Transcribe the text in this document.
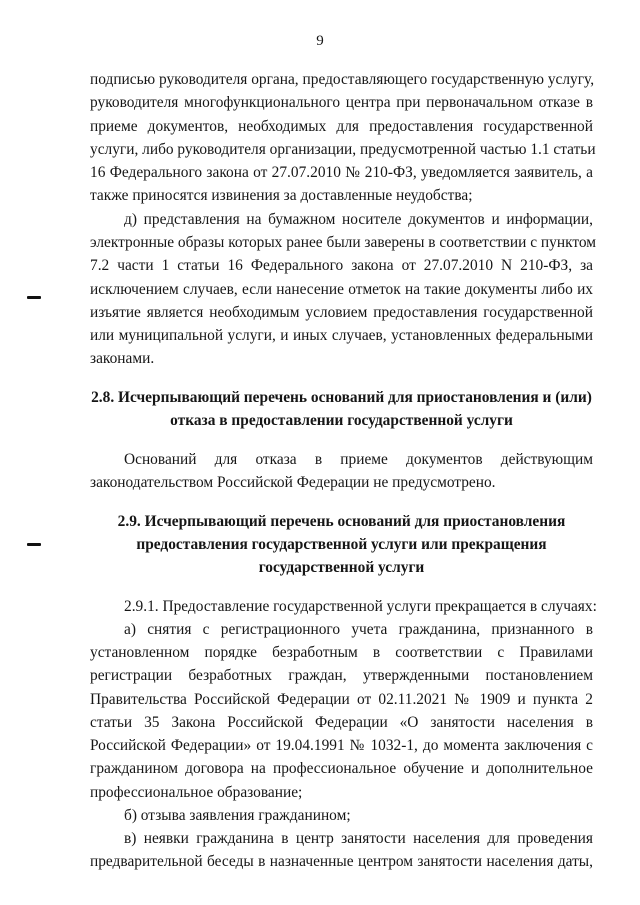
9
подписью руководителя органа, предоставляющего государственную услугу,
руководителя многофункционального центра при первоначальном отказе в
приеме документов, необходимых для предоставления государственной
услуги, либо руководителя организации, предусмотренной частью 1.1 статьи
16 Федерального закона от 27.07.2010 № 210-ФЗ, уведомляется заявитель, а
также приносятся извинения за доставленные неудобства;
д) представления на бумажном носителе документов и информации,
электронные образы которых ранее были заверены в соответствии с пунктом
7.2 части 1 статьи 16 Федерального закона от 27.07.2010 N 210-ФЗ, за
исключением случаев, если нанесение отметок на такие документы либо их
изъятие является необходимым условием предоставления государственной
или муниципальной услуги, и иных случаев, установленных федеральными
законами.
2.8. Исчерпывающий перечень оснований для приостановления и (или)
отказа в предоставлении государственной услуги
Оснований для отказа в приеме документов действующим
законодательством Российской Федерации не предусмотрено.
2.9. Исчерпывающий перечень оснований для приостановления
предоставления государственной услуги или прекращения
государственной услуги
2.9.1. Предоставление государственной услуги прекращается в случаях:
а) снятия с регистрационного учета гражданина, признанного в
установленном порядке безработным в соответствии с Правилами
регистрации безработных граждан, утвержденными постановлением
Правительства Российской Федерации от 02.11.2021 № 1909 и пункта 2
статьи 35 Закона Российской Федерации «О занятости населения в
Российской Федерации» от 19.04.1991 № 1032-1, до момента заключения с
гражданином договора на профессиональное обучение и дополнительное
профессиональное образование;
б) отзыва заявления гражданином;
в) неявки гражданина в центр занятости населения для проведения
предварительной беседы в назначенные центром занятости населения даты,
